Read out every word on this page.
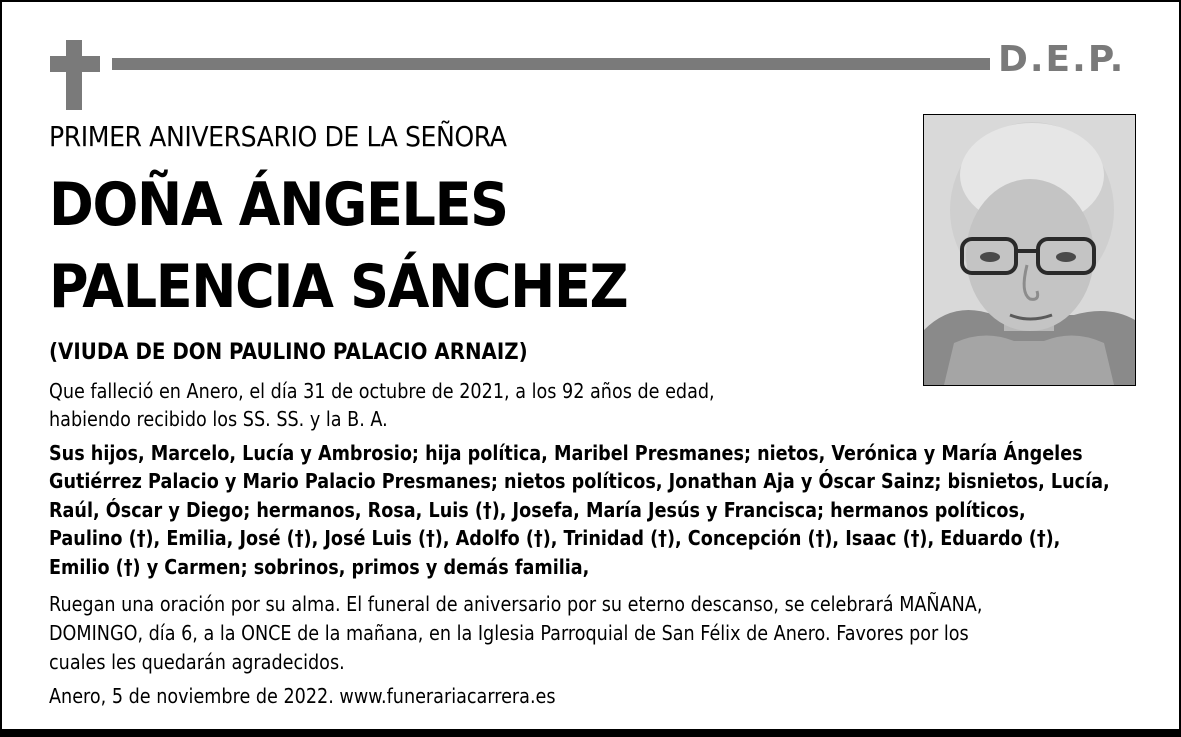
D.E.P.
PRIMER ANIVERSARIO DE LA SEÑORA
DOÑA ÁNGELES
PALENCIA SÁNCHEZ
(VIUDA DE DON PAULINO PALACIO ARNAIZ)
Que falleció en Anero, el día 31 de octubre de 2021, a los 92 años de edad,
habiendo recibido los SS. SS. y la B. A.
Sus hijos, Marcelo, Lucía y Ambrosio; hija política, Maribel Presmanes; nietos, Verónica y María Ángeles
Gutiérrez Palacio y Mario Palacio Presmanes; nietos políticos, Jonathan Aja y Óscar Sainz; bisnietos, Lucía,
Raúl, Óscar y Diego; hermanos, Rosa, Luis (†), Josefa, María Jesús y Francisca; hermanos políticos,
Paulino (†), Emilia, José (†), José Luis (†), Adolfo (†), Trinidad (†), Concepción (†), Isaac (†), Eduardo (†),
Emilio (†) y Carmen; sobrinos, primos y demás familia,
Ruegan una oración por su alma. El funeral de aniversario por su eterno descanso, se celebrará MAÑANA,
DOMINGO, día 6, a la ONCE de la mañana, en la Iglesia Parroquial de San Félix de Anero. Favores por los
cuales les quedarán agradecidos.
Anero, 5 de noviembre de 2022. www.funerariacarrera.es
